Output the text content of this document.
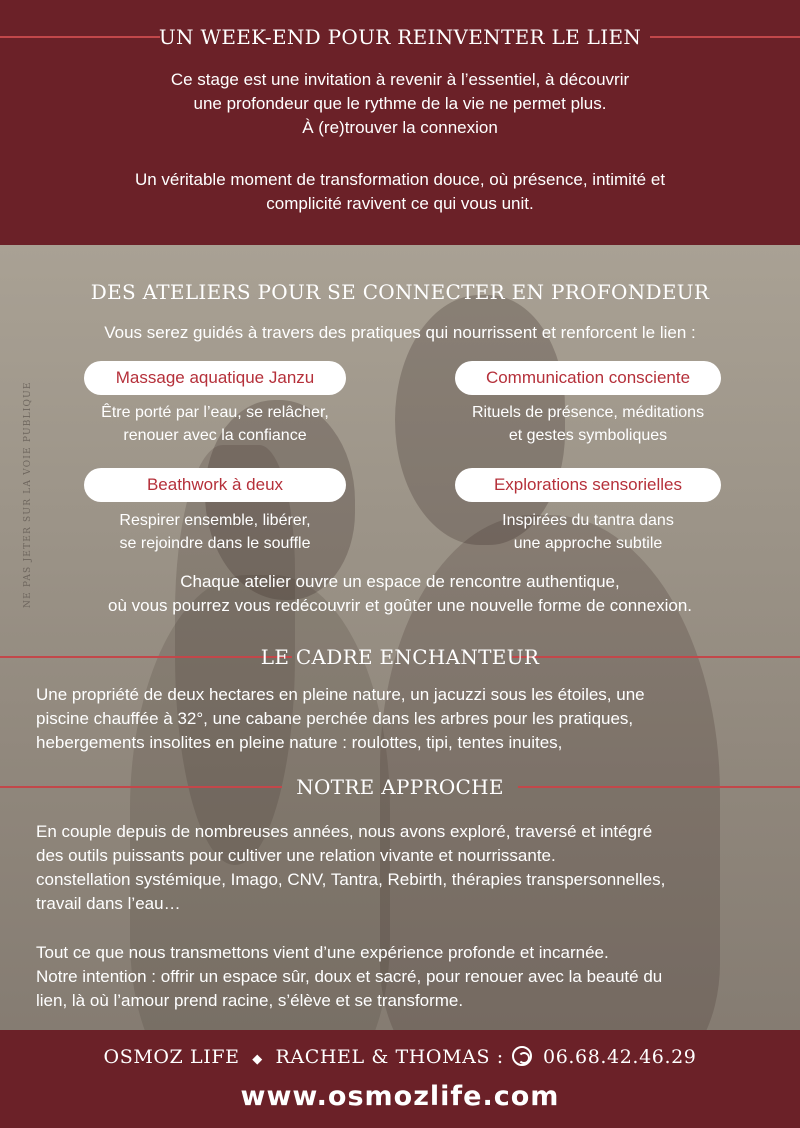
UN WEEK-END POUR REINVENTER LE LIEN
Ce stage est une invitation à revenir à l’essentiel, à découvrir
une profondeur que le rythme de la vie ne permet plus.
À (re)trouver la connexion
Un véritable moment de transformation douce, où présence, intimité et
complicité ravivent ce qui vous unit.
DES ATELIERS POUR SE CONNECTER EN PROFONDEUR
Vous serez guidés à travers des pratiques qui nourrissent et renforcent le lien :
Massage aquatique Janzu
Être porté par l’eau, se relâcher,
renouer avec la confiance
Communication consciente
Rituels de présence, méditations
et gestes symboliques
Beathwork à deux
Respirer ensemble, libérer,
se rejoindre dans le souffle
Explorations sensorielles
Inspirées du tantra dans
une approche subtile
Chaque atelier ouvre un espace de rencontre authentique,
où vous pourrez vous redécouvrir et goûter une nouvelle forme de connexion.
NE PAS JETER SUR LA VOIE PUBLIQUE
LE CADRE ENCHANTEUR
Une propriété de deux hectares en pleine nature, un jacuzzi sous les étoiles, une
piscine chauffée à 32°, une cabane perchée dans les arbres pour les pratiques,
hebergements insolites en pleine nature : roulottes, tipi, tentes inuites,
NOTRE APPROCHE
En couple depuis de nombreuses années, nous avons exploré, traversé et intégré
des outils puissants pour cultiver une relation vivante et nourrissante.
constellation systémique, Imago, CNV, Tantra, Rebirth, thérapies transpersonnelles,
travail dans l’eau…
Tout ce que nous transmettons vient d’une expérience profonde et incarnée.
Notre intention : offrir un espace sûr, doux et sacré, pour renouer avec la beauté du
lien, là où l’amour prend racine, s’élève et se transforme.
OSMOZ LIFE ◆ RACHEL & THOMAS : 06.68.42.46.29
www.osmozlife.com
